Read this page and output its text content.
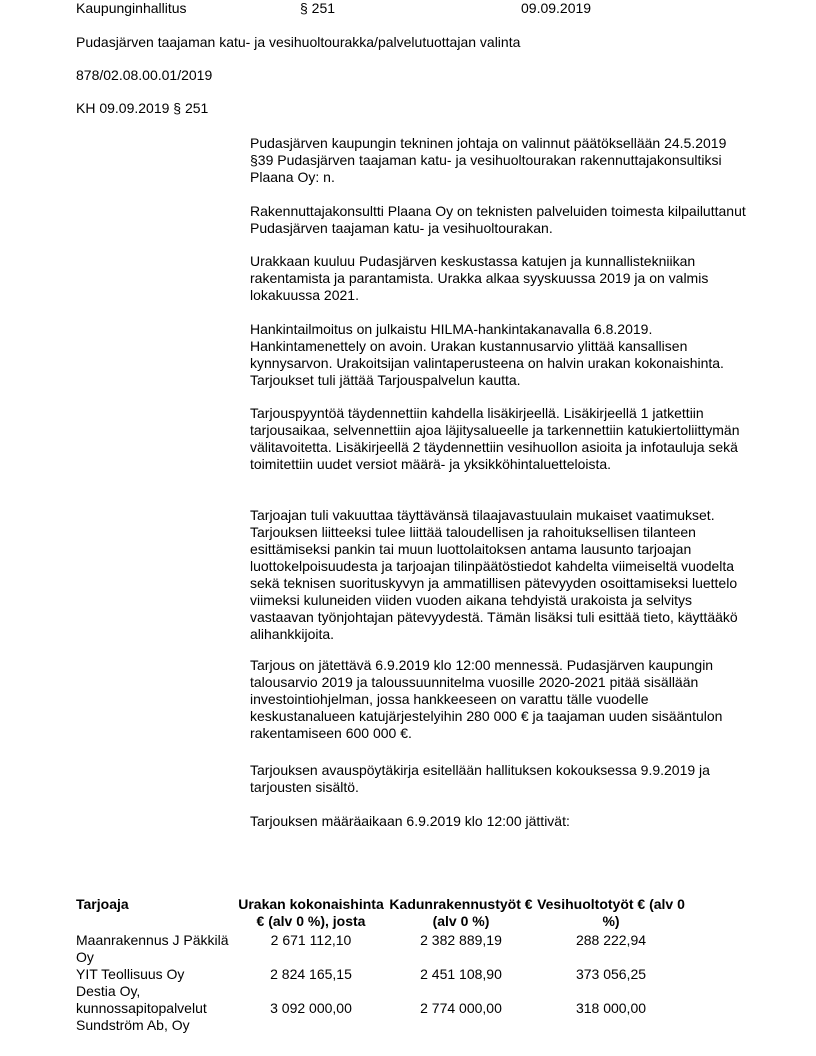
Kaupunginhallitus	§ 251	09.09.2019
Pudasjärven taajaman katu- ja vesihuoltourakka/palvelutuottajan valinta
878/02.08.00.01/2019
KH 09.09.2019 § 251

Pudasjärven kaupungin tekninen johtaja on valinnut päätöksellään 24.5.2019 §39 Pudasjärven taajaman katu- ja vesihuoltourakan rakennuttajakonsultiksi Plaana Oy: n.

Rakennuttajakonsultti Plaana Oy on teknisten palveluiden toimesta kilpailuttanut Pudasjärven taajaman katu- ja vesihuoltourakan.

Urakkaan kuuluu Pudasjärven keskustassa katujen ja kunnallistekniikan rakentamista ja parantamista. Urakka alkaa syyskuussa 2019 ja on valmis lokakuussa 2021.

Hankintailmoitus on julkaistu HILMA-hankintakanavalla 6.8.2019. Hankintamenettely on avoin. Urakan kustannusarvio ylittää kansallisen kynnysarvon. Urakoitsijan valintaperusteena on halvin urakan kokonaishinta. Tarjoukset tuli jättää Tarjouspalvelun kautta.

Tarjouspyyntöä täydennettiin kahdella lisäkirjeellä. Lisäkirjeellä 1 jatkettiin tarjousaikaa, selvennettiin ajoa läjitysalueelle ja tarkennettiin katukiertoliittymän välitavoitetta. Lisäkirjeellä 2 täydennettiin vesihuollon asioita ja infotauluja sekä toimitettiin uudet versiot määrä- ja yksikköhintaluetteloista.

Tarjoajan tuli vakuuttaa täyttävänsä tilaajavastuulain mukaiset vaatimukset. Tarjouksen liitteeksi tulee liittää taloudellisen ja rahoituksellisen tilanteen esittämiseksi pankin tai muun luottolaitoksen antama lausunto tarjoajan luottokelpoisuudesta ja tarjoajan tilinpäätöstiedot kahdelta viimeiseltä vuodelta sekä teknisen suorituskyvyn ja ammatillisen pätevyyden osoittamiseksi luettelo viimeksi kuluneiden viiden vuoden aikana tehdyistä urakoista ja selvitys vastaavan työnjohtajan pätevyydestä. Tämän lisäksi tuli esittää tieto, käyttääkö alihankkijoita.

Tarjous on jätettävä 6.9.2019 klo 12:00 mennessä. Pudasjärven kaupungin talousarvio 2019 ja taloussuunnitelma vuosille 2020-2021 pitää sisällään investointiohjelman, jossa hankkeeseen on varattu tälle vuodelle keskustanalueen katujärjestelyihin 280 000 € ja taajaman uuden sisääntulon rakentamiseen 600 000 €.

Tarjouksen avauspöytäkirja esitellään hallituksen kokouksessa 9.9.2019 ja tarjousten sisältö.

Tarjouksen määräaikaan 6.9.2019 klo 12:00 jättivät:

Tarjoaja	Urakan kokonaishinta € (alv 0 %), josta	Kadunrakennustyöt € (alv 0 %)	Vesihuoltotyöt € (alv 0 %)
Maanrakennus J Päkkilä Oy	2 671 112,10	2 382 889,19	288 222,94
YIT Teollisuus Oy	2 824 165,15	2 451 108,90	373 056,25
Destia Oy, kunnossapitopalvelut Sundström Ab, Oy	3 092 000,00	2 774 000,00	318 000,00
